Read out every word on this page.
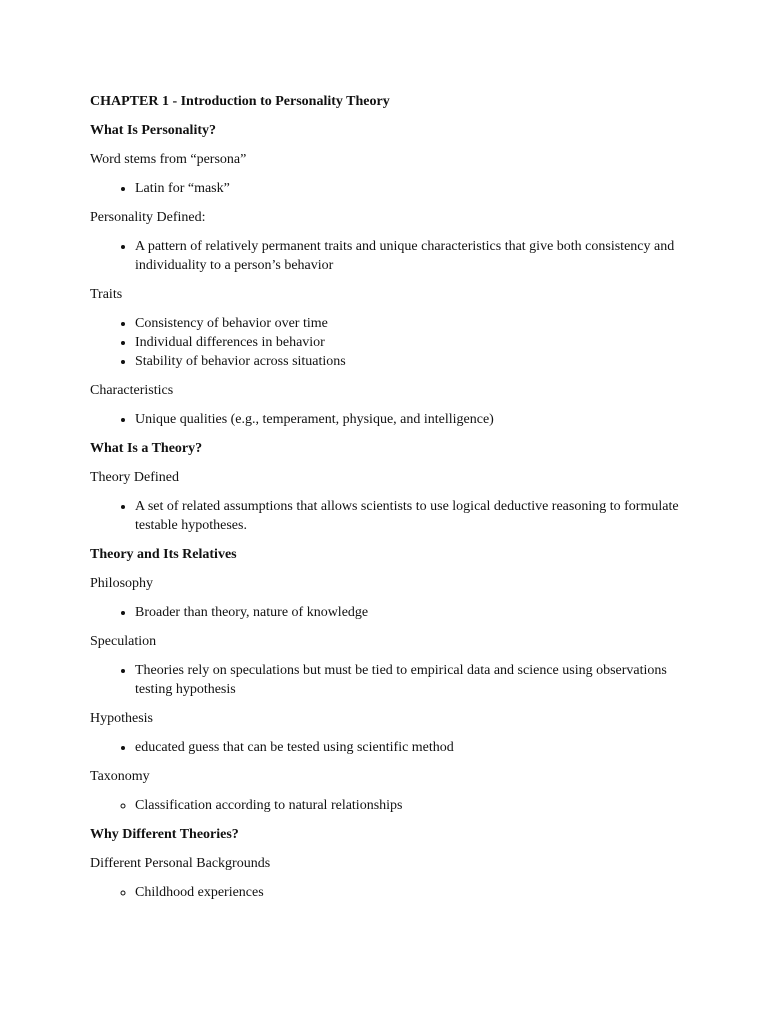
CHAPTER 1 - Introduction to Personality Theory

What Is Personality?

Word stems from “persona”

• Latin for “mask”

Personality Defined:

• A pattern of relatively permanent traits and unique characteristics that give both consistency and individuality to a person’s behavior

Traits

• Consistency of behavior over time
• Individual differences in behavior
• Stability of behavior across situations

Characteristics

• Unique qualities (e.g., temperament, physique, and intelligence)

What Is a Theory?

Theory Defined

• A set of related assumptions that allows scientists to use logical deductive reasoning to formulate testable hypotheses.

Theory and Its Relatives

Philosophy

• Broader than theory, nature of knowledge

Speculation

• Theories rely on speculations but must be tied to empirical data and science using observations testing hypothesis

Hypothesis

• educated guess that can be tested using scientific method

Taxonomy

◦ Classification according to natural relationships

Why Different Theories?

Different Personal Backgrounds

◦ Childhood experiences
